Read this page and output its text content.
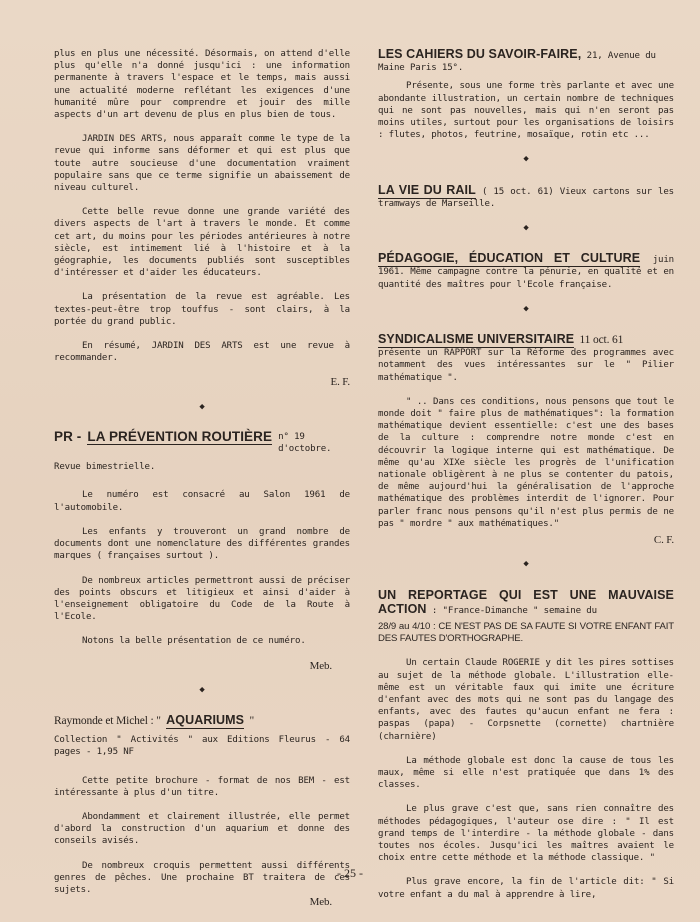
plus en plus une nécessité. Désormais, on attend d'elle plus qu'elle n'a donné jusqu'ici : une information permanente à travers l'espace et le temps, mais aussi une actualité moderne reflétant les exigences d'une humanité mûre pour comprendre et jouir des mille aspects d'un art devenu de plus en plus bien de tous.

JARDIN DES ARTS, nous apparaît comme le type de la revue qui informe sans déformer et qui est plus que toute autre soucieuse d'une documentation vraiment populaire sans que ce terme signifie un abaissement de niveau culturel.

Cette belle revue donne une grande variété des divers aspects de l'art à travers le monde. Et comme cet art, du moins pour les périodes antérieures à notre siècle, est intimement lié à l'histoire et à la géographie, les documents publiés sont susceptibles d'intéresser et d'aider les éducateurs.

La présentation de la revue est agréable. Les textes-peut-être trop touffus - sont clairs, à la portée du grand public.

En résumé, JARDIN DES ARTS est une revue à recommander.

E. F.
◆
PR - LA PRÉVENTION ROUTIÈRE n° 19 d'octobre.

Revue bimestrielle.

Le numéro est consacré au Salon 1961 de l'automobile.

Les enfants y trouveront un grand nombre de documents dont une nomenclature des différentes grandes marques ( françaises surtout ).

De nombreux articles permettront aussi de préciser des points obscurs et litigieux et ainsi d'aider à l'enseignement obligatoire du Code de la Route à l'Ecole.

Notons la belle présentation de ce numéro.

Meb.
◆
Raymonde et Michel : " AQUARIUMS "

Collection " Activités " aux Editions Fleurus - 64 pages - 1,95 NF

Cette petite brochure - format de nos BEM - est intéressante à plus d'un titre.

Abondamment et clairement illustrée, elle permet d'abord la construction d'un aquarium et donne des conseils avisés.

De nombreux croquis permettent aussi différents genres de pêches. Une prochaine BT traitera de ces sujets.

Meb.
LES CAHIERS DU SAVOIR-FAIRE, 21, Avenue du Maine Paris 15°.

Présente, sous une forme très parlante et avec une abondante illustration, un certain nombre de techniques qui ne sont pas nouvelles, mais qui n'en seront pas moins utiles, surtout pour les organisations de loisirs : flutes, photos, feutrine, mosaïque, rotin etc ...

◆

LA VIE DU RAIL ( 15 oct. 61) Vieux cartons sur les tramways de Marseille.

◆

PÉDAGOGIE, ÉDUCATION ET CULTURE juin 1961. Même campagne contre la pénurie, en qualité et en quantité des maîtres pour l'Ecole française.

◆
SYNDICALISME UNIVERSITAIRE 11 oct. 61

présente un RAPPORT sur la Réforme des programmes avec notamment des vues intéressantes sur le " Pilier mathématique ".

" .. Dans ces conditions, nous pensons que tout le monde doit " faire plus de mathématiques": la formation mathématique devient essentielle: c'est une des bases de la culture : comprendre notre monde c'est en découvrir la logique interne qui est mathématique. De même qu'au XIXe siècle les progrès de l'unification nationale obligèrent à ne plus se contenter du patois, de même aujourd'hui la généralisation de l'approche mathématique des problèmes interdit de l'ignorer. Pour parler franc nous pensons qu'il n'est plus permis de ne pas " mordre " aux mathématiques."

C. F.
◆

UN REPORTAGE QUI EST UNE MAUVAISE ACTION : "France-Dimanche " semaine du

28/9 au 4/10 : CE N'EST PAS DE SA FAUTE SI VOTRE ENFANT FAIT DES FAUTES D'ORTHOGRAPHE.

Un certain Claude ROGERIE y dit les pires sottises au sujet de la méthode globale. L'illustration elle-même est un véritable faux qui imite une écriture d'enfant avec des mots qui ne sont pas du langage des enfants, avec des fautes qu'aucun enfant ne fera : paspas (papa) - Corpsnette (cornette) chartnière (charnière)

La méthode globale est donc la cause de tous les maux, même si elle n'est pratiquée que dans 1% des classes.

Le plus grave c'est que, sans rien connaître des méthodes pédagogiques, l'auteur ose dire : " Il est grand temps de l'interdire - la méthode globale - dans toutes nos écoles. Jusqu'ici les maîtres avaient le choix entre cette méthode et la méthode classique. "

Plus grave encore, la fin de l'article dit: " Si votre enfant a du mal à apprendre à lire,

- 25 -
